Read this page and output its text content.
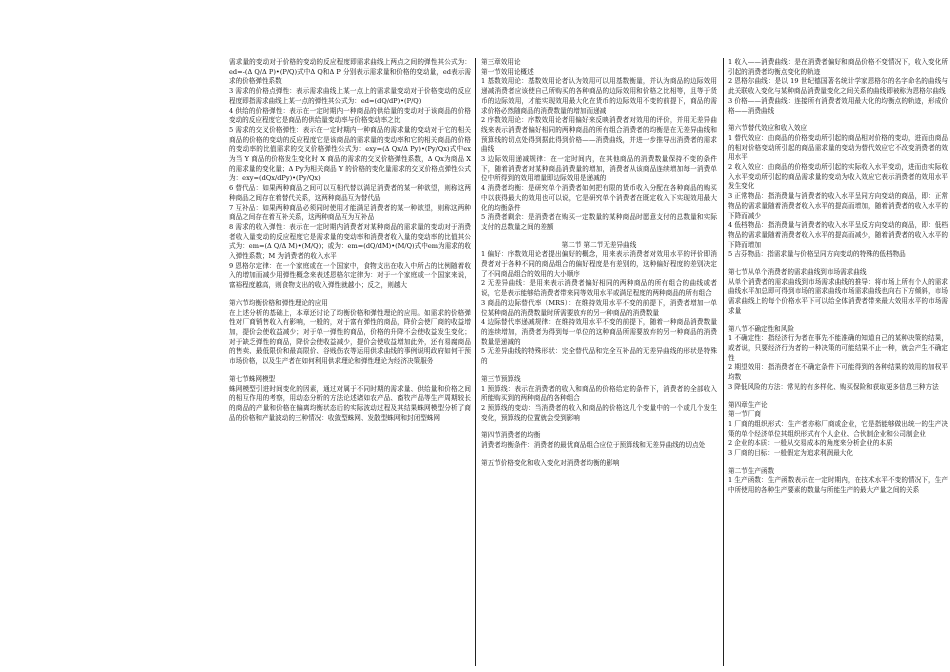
需求量的变动对于价格的变动的反应程度即需求曲线上两点之间的弹性其公式为：ed=-(Δ Q/Δ P)•(P/Q)式中Δ Q和Δ P 分别表示需求量和价格的变动量，ed表示需求的价格弹性系数

3 需求的价格点弹性：表示需求曲线上某一点上的需求量变动对于价格变动的反应程度即指需求曲线上某一点的弹性其公式为：ed=(dQ/dP)•(P/Q)

4 供给的价格弹性：表示在一定时期内一种商品的供给量的变动对于该商品的价格变动的反应程度它是商品的供给量变动率与价格变动率之比

5 需求的交叉价格弹性：表示在一定时期内一种商品的需求量的变动对于它的相关商品的价格的变动的反应程度它是该商品的需求量的变动率和它的相关商品的价格的变动率的比值需求的交叉价格弹性公式为：exy=(Δ Qx/Δ Py)•(Py/Qx)式中ex为当 Y 商品的价格发生变化时 X 商品的需求的交叉价格弹性系数，Δ Qx为商品 X 的需求量的变化量；Δ Py为相关商品 Y 的价格的变化量需求的交叉价格点弹性公式为：exy=(dQx/dPy)•(Py/Qx)

6 替代品：如果两种商品之间可以互相代替以满足消费者的某一种欲望，则称这两种商品之间存在着替代关系，这两种商品互为替代品

7 互补品：如果两种商品必须同时使用才能满足消费者的某一种欲望，则称这两种商品之间存在着互补关系，这两种商品互为互补品

8 需求的收入弹性：表示在一定时期内消费者对某种商品的需求量的变动对于消费者收入量变动的反应程度它是需求量的变动率和消费者收入量的变动率的比值其公式为：em=(Δ Q/Δ M)•(M/Q)；或为：em=(dQ/dM)•(M/Q)式中em为需求的收入弹性系数；M 为消费者的收入水平

9 恩格尔定律：在一个家庭或在一个国家中，食物支出在收入中所占的比例随着收入的增加而减少用弹性概念来表述恩格尔定律为：对于一个家庭或一个国家来说，富裕程度越高，则食物支出的收入弹性就越小；反之，则越大

第六节均衡价格和弹性理论的应用

在上述分析的基础上，本章还讨论了均衡价格和弹性理论的应用。如需求的价格弹性对厂商销售收入有影响，一般的，对于富有弹性的商品，降价会使厂商的收益增加，提价会使收益减少；对于单一弹性的商品，价格的升降不会使收益发生变化；对于缺乏弹性的商品，降价会使收益减少，提价会使收益增加此外，还有易腐商品的售卖、最低限价和最高限价、谷贱伤农等运用供求曲线的事例说明政府如何干预市场价格，以及生产者在如何利用供求理论和弹性理论为经济决策服务

第七节蛛网模型

蛛网模型引进时间变化的因素，通过对属于不同时期的需求量、供给量和价格之间的相互作用的考察，用动态分析的方法论述诸如农产品、畜牧产品等生产周期较长的商品的产量和价格在偏离均衡状态后的实际波动过程及其结果蛛网模型分析了商品的价格和产量波动的三种情况：收敛型蛛网、发散型蛛网和封闭型蛛网

第三章效用论

第一节效用论概述

1 基数效用论：基数效用论者认为效用可以用基数衡量，并认为商品的边际效用递减消费者应该使自己所购买的各种商品的边际效用和价格之比相等，且等于货币的边际效用，才能实现效用最大化在货币的边际效用不变的前提下，商品的需求价格必然随商品的消费数量的增加而递减

2 序数效用论：序数效用论者用偏好来反映消费者对效用的评价，并用无差异曲线来表示消费者偏好相同的两种商品的所有组合消费者的均衡是在无差异曲线和预算线的切点处得到据此得到价格——消费曲线，并进一步推导出消费者的需求曲线

3 边际效用递减规律：在一定时间内，在其他商品的消费数量保持不变的条件下，随着消费者对某种商品消费量的增加，消费者从该商品连续增加每一消费单位中所得到的效用增量即边际效用是递减的

4 消费者均衡：是研究单个消费者如何把有限的货币收入分配在各种商品的购买中以获得最大的效用也可以说，它是研究单个消费者在既定收入下实现效用最大化的均衡条件

5 消费者剩余：是消费者在购买一定数量的某种商品时愿意支付的总数量和实际支付的总数量之间的差额

第二节 第二节无差异曲线

1 偏好：序数效用论者提出偏好的概念，用来表示消费者对效用水平的评价即消费者对于各种不同的商品组合的偏好程度是有差别的，这种偏好程度的差别决定了不同商品组合的效用的大小顺序

2 无差异曲线：是用来表示消费者偏好相同的两种商品的所有组合的曲线或者说，它是表示能够给消费者带来同等效用水平或满足程度的两种商品的所有组合

3 商品的边际替代率（MRS）：在维持效用水平不变的前提下，消费者增加一单位某种商品的消费数量时所需要放弃的另一种商品的消费数量

4 边际替代率递减规律：在维持效用水平不变的前提下，随着一种商品消费数量的连续增加，消费者为得到每一单位的这种商品所需要放弃的另一种商品的消费数量是递减的

5 无差异曲线的特殊形状：完全替代品和完全互补品的无差异曲线的形状是特殊的

第三节预算线

1 预算线：表示在消费者的收入和商品的价格给定的条件下，消费者的全部收入所能购买到的两种商品的各种组合

2 预算线的变动：当消费者的收入和商品的价格这几个变量中的一个或几个发生变化，预算线的位置就会受到影响

第四节消费者的均衡

消费者均衡条件：消费者的最优商品组合应位于预算线和无差异曲线的切点处

第五节价格变化和收入变化对消费者均衡的影响

1 收入——消费曲线：是在消费者偏好和商品价格不变情况下，收入变化所引起的消费者均衡点变化的轨迹

2 恩格尔曲线：是以 19 世纪德国著名统计学家恩格尔的名字命名的曲线与此关联收入变化与某种商品消费量变化之间关系的曲线即被称为恩格尔曲线

3 价格——消费曲线：连接所有消费者效用最大化的均衡点的轨迹，形成价格——消费曲线

第六节替代效应和收入效应

1 替代效应：由商品的价格变动所引起的商品相对价格的变动，进而由商品的相对价格变动所引起的商品需求量的变动为替代效应它不改变消费者的效用水平

2 收入效应：由商品的价格变动所引起的实际收入水平变动，进而由实际收入水平变动所引起的商品需求量的变动为收入效应它表示消费者的效用水平发生变化

3 正常物品：指消费量与消费者的收入水平呈同方向变动的商品，即：正常物品的需求量随着消费者收入水平的提高而增加，随着消费者的收入水平的下降而减少

4 低档物品：指消费量与消费者的收入水平呈反方向变动的商品，即：低档物品的需求量随着消费者收入水平的提高而减少，随着消费者的收入水平的下降而增加

5 吉芬物品：指需求量与价格呈同方向变动的特殊的低档物品

第七节从单个消费者的需求曲线到市场需求曲线

从单个消费者的需求曲线到市场需求曲线的推导：将市场上所有个人的需求曲线水平加总即可得到市场的需求曲线市场需求曲线也向右下方倾斜，市场需求曲线上的每个价格水平下可以给全体消费者带来最大效用水平的市场需求量

第八节不确定性和风险

1 不确定性：指经济行为者在事先不能准确的知道自己的某种决策的结果，或者说，只要经济行为者的一种决策的可能结果不止一种，就会产生不确定性

2 期望效用：指消费者在不确定条件下可能得到的各种结果的效用的加权平均数

3 降低风险的方法：常见的有多样化、购买保险和获取更多信息三种方法

第四章生产论

第一节厂商

1 厂商的组织形式：生产者亦称厂商或企业，它是指能够做出统一的生产决策的单个经济单位其组织形式有个人企业、合伙制企业和公司制企业

2 企业的本质：一般从交易成本的角度来分析企业的本质

3 厂商的目标：一般假定为追求利润最大化

第二节生产函数

1 生产函数：生产函数表示在一定时期内，在技术水平不变的情况下，生产中所使用的各种生产要素的数量与所能生产的最大产量之间的关系
